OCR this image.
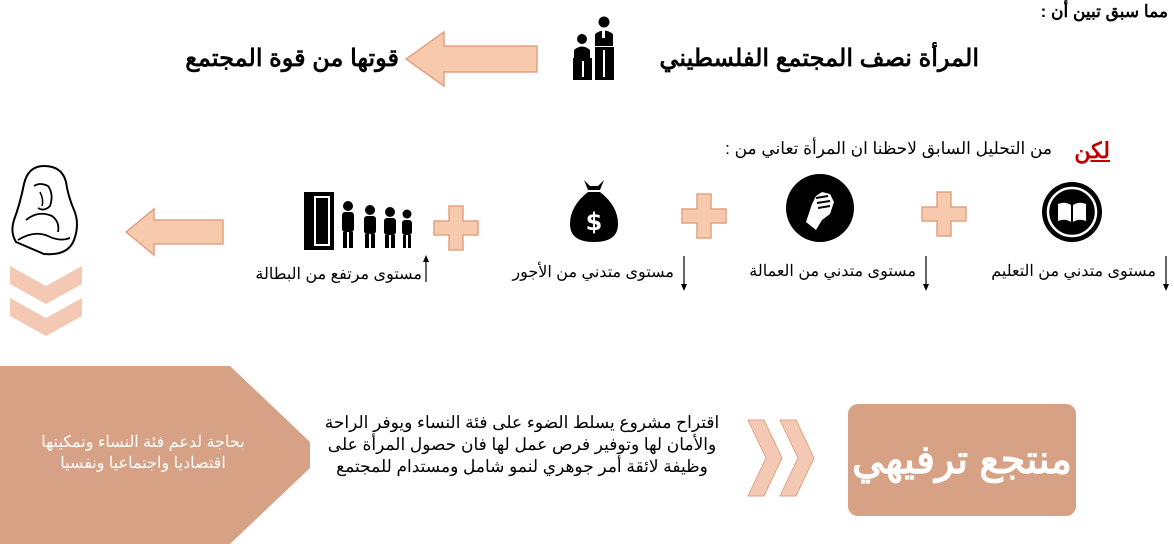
مما سبق تبين أن :
المرأة نصف المجتمع الفلسطيني
قوتها من قوة المجتمع
لكن
من التحليل السابق لاحظنا ان المرأة تعاني من :
مستوى متدني من التعليم
مستوى متدني من العمالة
$
مستوى متدني من الأجور
مستوى مرتفع من البطالة
بحاجة لدعم فئة النساء وتمكينها اقتصاديا واجتماعيا ونفسيا
اقتراح مشروع يسلط الضوء على فئة النساء ويوفر الراحة والأمان لها وتوفير فرص عمل لها فان حصول المرأة على وظيفة لائقة أمر جوهري لنمو شامل ومستدام للمجتمع	منتجع ترفيهي
